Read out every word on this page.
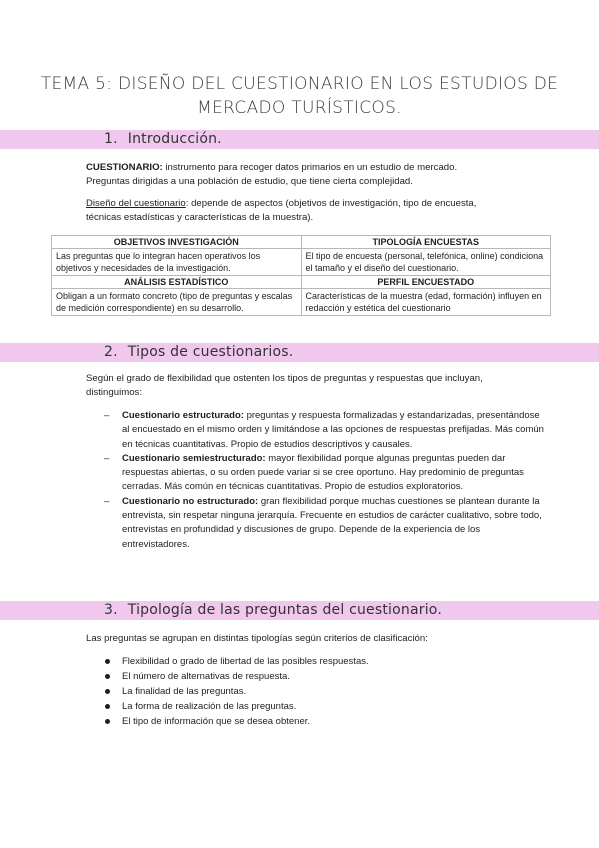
TEMA 5: DISEÑO DEL CUESTIONARIO EN LOS ESTUDIOS DE
MERCADO TURÍSTICOS.
1. Introducción.
CUESTIONARIO: instrumento para recoger datos primarios en un estudio de mercado.
Preguntas dirigidas a una población de estudio, que tiene cierta complejidad.
Diseño del cuestionario: depende de aspectos (objetivos de investigación, tipo de encuesta,
técnicas estadísticas y características de la muestra).
OBJETIVOS INVESTIGACIÓN	TIPOLOGÍA ENCUESTAS
Las preguntas que lo integran hacen operativos los objetivos y necesidades de la investigación.	El tipo de encuesta (personal, telefónica, online) condiciona el tamaño y el diseño del cuestionario.
ANÁLISIS ESTADÍSTICO	PERFIL ENCUESTADO
Obligan a un formato concreto (tipo de preguntas y escalas de medición correspondiente) en su desarrollo.	Características de la muestra (edad, formación) influyen en redacción y estética del cuestionario
2. Tipos de cuestionarios.
Según el grado de flexibilidad que ostenten los tipos de preguntas y respuestas que incluyan,
distinguimos:
– Cuestionario estructurado: preguntas y respuesta formalizadas y estandarizadas, presentándose al encuestado en el mismo orden y limitándose a las opciones de respuestas prefijadas. Más común en técnicas cuantitativas. Propio de estudios descriptivos y causales.
– Cuestionario semiestructurado: mayor flexibilidad porque algunas preguntas pueden dar respuestas abiertas, o su orden puede variar si se cree oportuno. Hay predominio de preguntas cerradas. Más común en técnicas cuantitativas. Propio de estudios exploratorios.
– Cuestionario no estructurado: gran flexibilidad porque muchas cuestiones se plantean durante la entrevista, sin respetar ninguna jerarquía. Frecuente en estudios de carácter cualitativo, sobre todo, entrevistas en profundidad y discusiones de grupo. Depende de la experiencia de los entrevistadores.
3. Tipología de las preguntas del cuestionario.
Las preguntas se agrupan en distintas tipologías según criterios de clasificación:
Flexibilidad o grado de libertad de las posibles respuestas.
El número de alternativas de respuesta.
La finalidad de las preguntas.
La forma de realización de las preguntas.
El tipo de información que se desea obtener.
